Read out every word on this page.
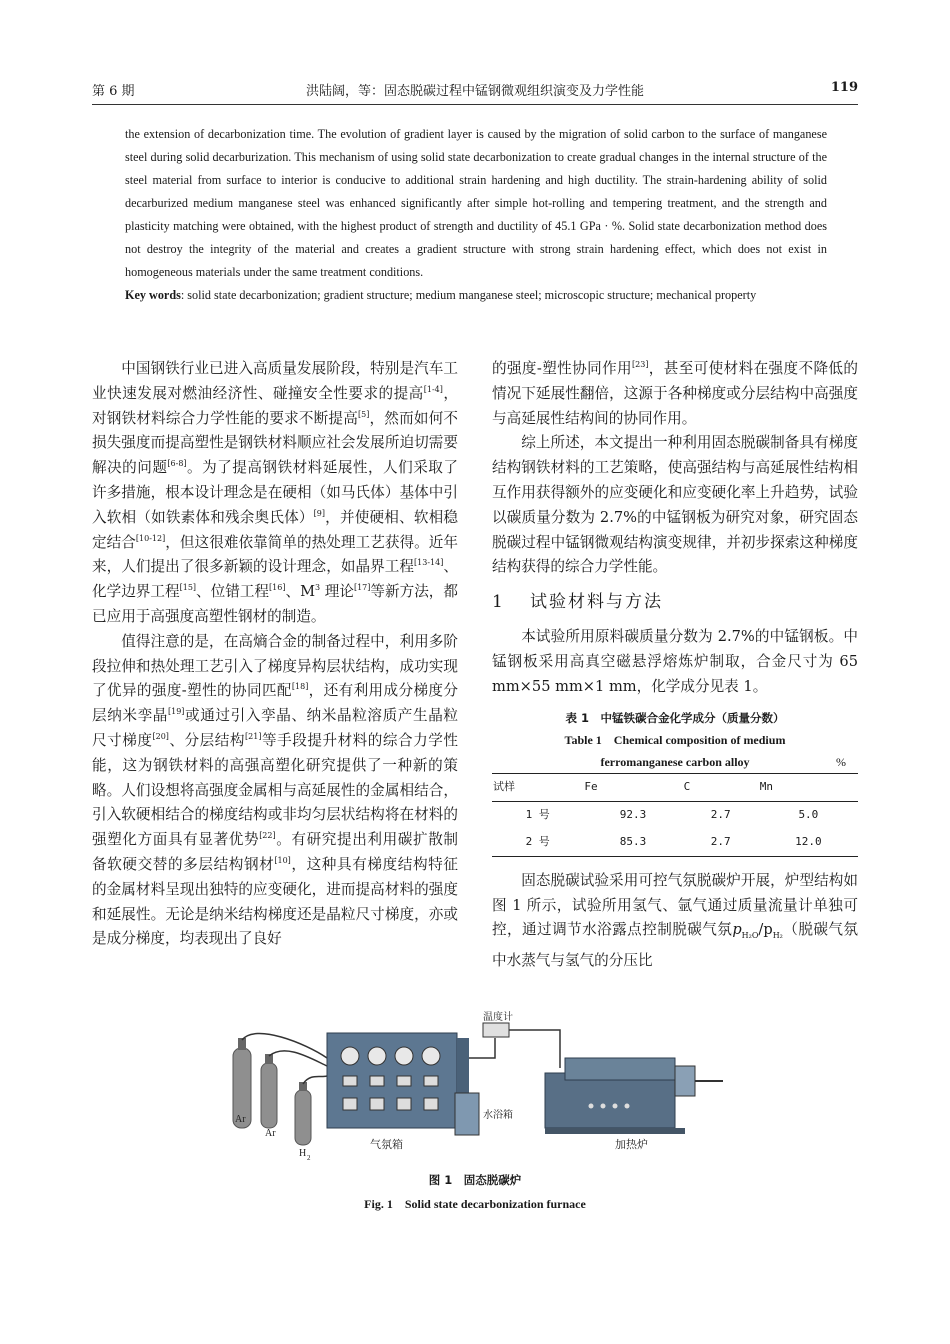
第 6 期	洪陆阔，等：固态脱碳过程中锰钢微观组织演变及力学性能	119
the extension of decarbonization time. The evolution of gradient layer is caused by the migration of solid carbon to the surface of manganese steel during solid decarburization. This mechanism of using solid state decarbonization to create gradual changes in the internal structure of the steel material from surface to interior is conducive to additional strain hardening and high ductility. The strain-hardening ability of solid decarburized medium manganese steel was enhanced significantly after simple hot-rolling and tempering treatment, and the strength and plasticity matching were obtained, with the highest product of strength and ductility of 45.1 GPa · %. Solid state decarbonization method does not destroy the integrity of the material and creates a gradient structure with strong strain hardening effect, which does not exist in homogeneous materials under the same treatment conditions.
Key words: solid state decarbonization; gradient structure; medium manganese steel; microscopic structure; mechanical property

中国钢铁行业已进入高质量发展阶段，特别是汽车工业快速发展对燃油经济性、碰撞安全性要求的提高[1-4]，对钢铁材料综合力学性能的要求不断提高[5]，然而如何不损失强度而提高塑性是钢铁材料顺应社会发展所迫切需要解决的问题[6-8]。为了提高钢铁材料延展性，人们采取了许多措施，根本设计理念是在硬相（如马氏体）基体中引入软相（如铁素体和残余奥氏体）[9]，并使硬相、软相稳定结合[10-12]，但这很难依靠简单的热处理工艺获得。近年来，人们提出了很多新颖的设计理念，如晶界工程[13-14]、化学边界工程[15]、位错工程[16]、$M^3$ 理论[17]等新方法，都已应用于高强度高塑性钢材的制造。

值得注意的是，在高熵合金的制备过程中，利用多阶段拉伸和热处理工艺引入了梯度异构层状结构，成功实现了优异的强度-塑性的协同匹配[18]，还有利用成分梯度分层纳米孪晶[19]或通过引入孪晶、纳米晶粒溶质产生晶粒尺寸梯度[20]、分层结构[21]等手段提升材料的综合力学性能，这为钢铁材料的高强高塑化研究提供了一种新的策略。人们设想将高强度金属相与高延展性的金属相结合，引入软硬相结合的梯度结构或非均匀层状结构将在材料的强塑化方面具有显著优势[22]。有研究提出利用碳扩散制备软硬交替的多层结构钢材[10]，这种具有梯度结构特征的金属材料呈现出独特的应变硬化，进而提高材料的强度和延展性。无论是纳米结构梯度还是晶粒尺寸梯度，亦或是成分梯度，均表现出了良好

的强度-塑性协同作用[23]，甚至可使材料在强度不降低的情况下延展性翻倍，这源于各种梯度或分层结构中高强度与高延展性结构间的协同作用。

综上所述，本文提出一种利用固态脱碳制备具有梯度结构钢铁材料的工艺策略，使高强结构与高延展性结构相互作用获得额外的应变硬化和应变硬化率上升趋势，试验以碳质量分数为 2.7%的中锰钢板为研究对象，研究固态脱碳过程中锰钢微观结构演变规律，并初步探索这种梯度结构获得的综合力学性能。

1 试验材料与方法

本试验所用原料碳质量分数为 2.7%的中锰钢板。中锰钢板采用高真空磁悬浮熔炼炉制取，合金尺寸为 65 mm×55 mm×1 mm，化学成分见表 1。

表 1　中锰铁碳合金化学成分（质量分数）
Table 1　Chemical composition of medium
ferromanganese carbon alloy	%
试样	Fe	C	Mn
1 号	92.3	2.7	5.0
2 号	85.3	2.7	12.0

固态脱碳试验采用可控气氛脱碳炉开展，炉型结构如图 1 所示，试验所用氢气、氩气通过质量流量计单独可控，通过调节水浴露点控制脱碳气氛$p_{H_2O}/p_{H_2}$（脱碳气氛中水蒸气与氢气的分压比

Ar
Ar
H 2
气氛箱
温度计
水浴箱
加热炉
图 1　固态脱碳炉
Fig. 1　Solid state decarbonization furnace
